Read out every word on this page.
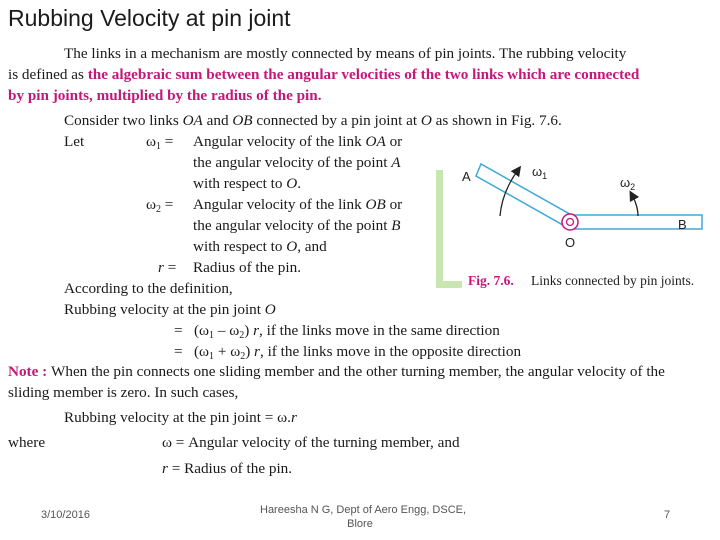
Rubbing Velocity at pin joint
The links in a mechanism are mostly connected by means of pin joints. The rubbing velocity
is defined as the algebraic sum between the angular velocities of the two links which are connected
by pin joints, multiplied by the radius of the pin.
Consider two links OA and OB connected by a pin joint at O as shown in Fig. 7.6.
Let	$\omega_1$ = Angular velocity of the link OA or
the angular velocity of the point A
with respect to O.
$\omega_2$ = Angular velocity of the link OB or
the angular velocity of the point B
with respect to O, and
r = Radius of the pin.
According to the definition,
Rubbing velocity at the pin joint O
= $(\omega_1 - \omega_2)$ r, if the links move in the same direction
= $(\omega_1 + \omega_2)$ r, if the links move in the opposite direction
Note : When the pin connects one sliding member and the other turning member, the angular velocity of the
sliding member is zero. In such cases,
Rubbing velocity at the pin joint = ω.r
where	ω = Angular velocity of the turning member, and
r = Radius of the pin.
A
B
O
$\omega_1$	$\omega_2$
Fig. 7.6. Links connected by pin joints.
3/10/2016	Hareesha N G, Dept of Aero Engg, DSCE,
Blore
7
